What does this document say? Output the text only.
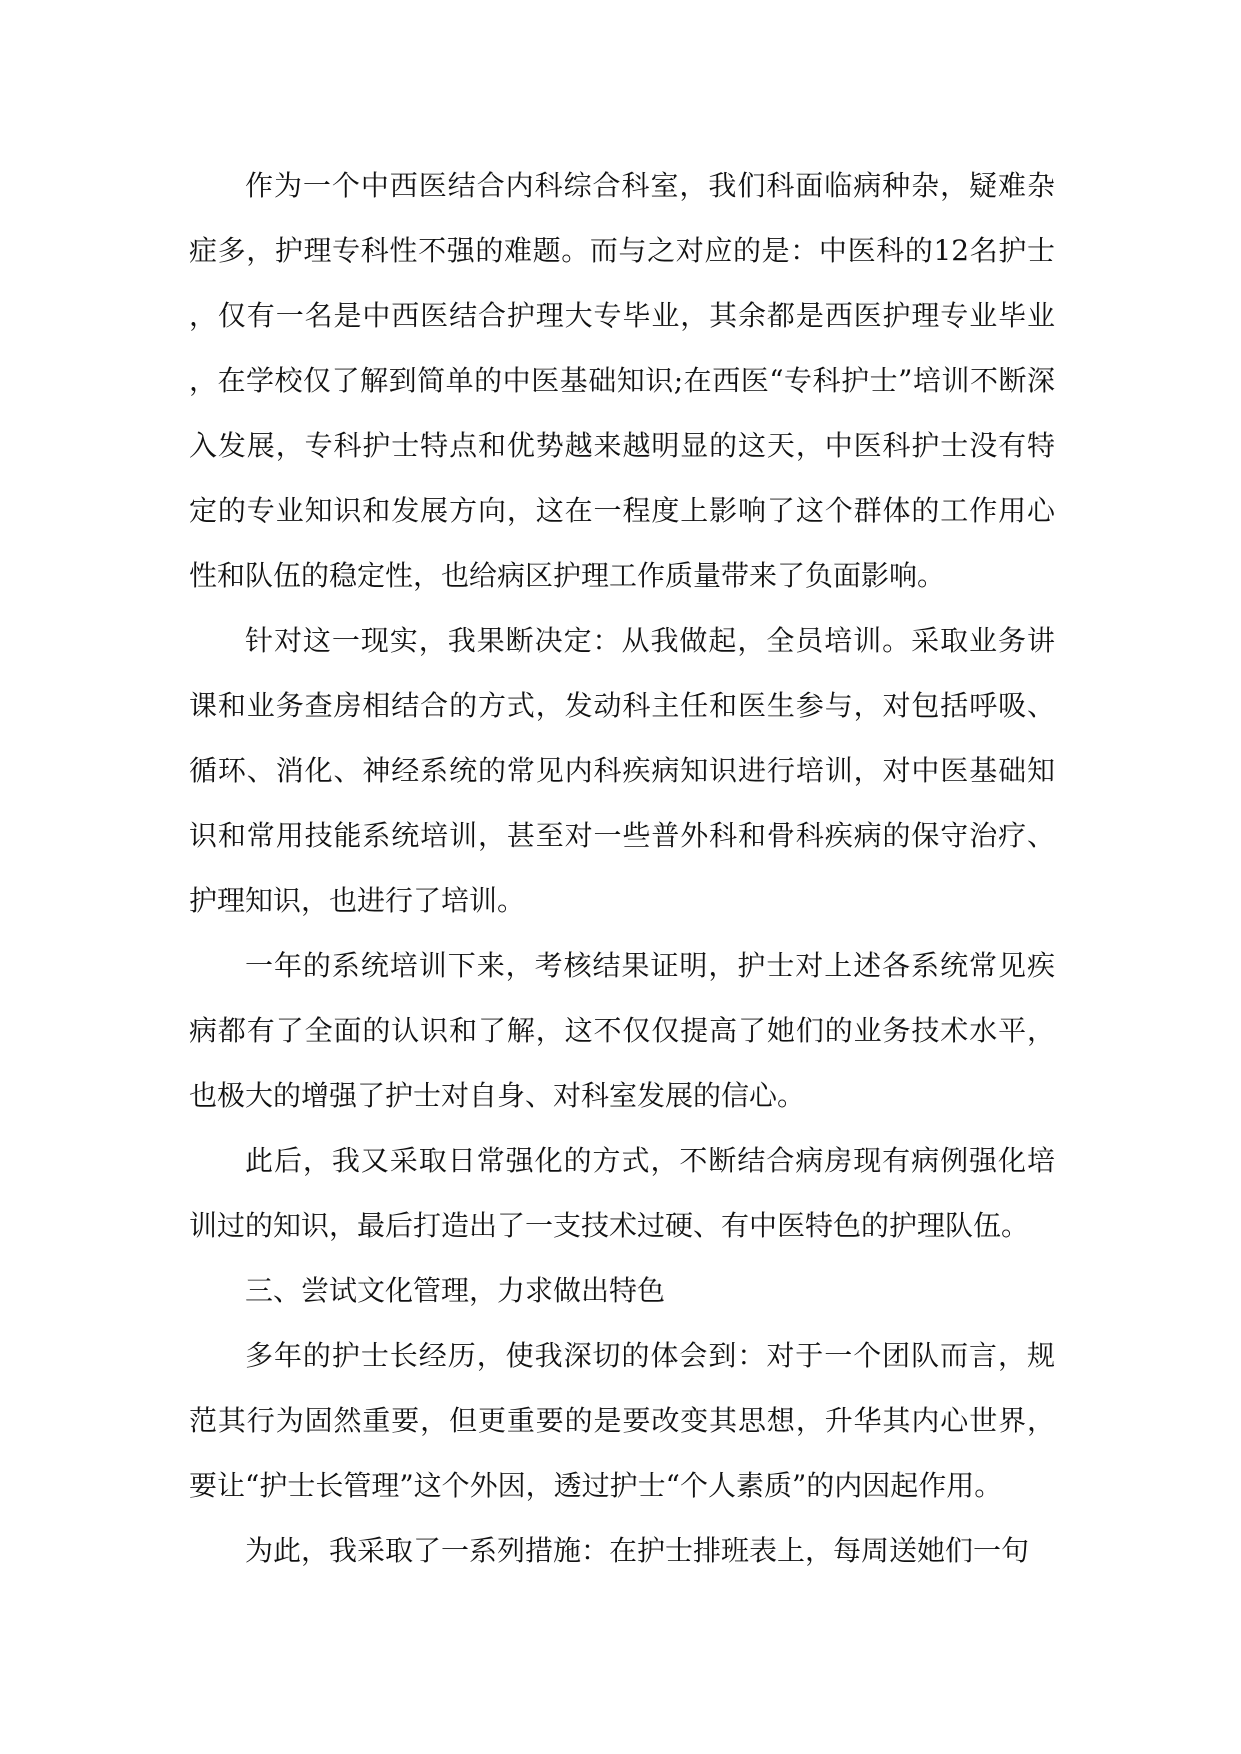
作为一个中西医结合内科综合科室，我们科面临病种杂，疑难杂症多，护理专科性不强的难题。而与之对应的是：中医科的12名护士，仅有一名是中西医结合护理大专毕业，其余都是西医护理专业毕业，在学校仅了解到简单的中医基础知识;在西医“专科护士”培训不断深入发展，专科护士特点和优势越来越明显的这天，中医科护士没有特定的专业知识和发展方向，这在一程度上影响了这个群体的工作用心性和队伍的稳定性，也给病区护理工作质量带来了负面影响。

针对这一现实，我果断决定：从我做起，全员培训。采取业务讲课和业务查房相结合的方式，发动科主任和医生参与，对包括呼吸、循环、消化、神经系统的常见内科疾病知识进行培训，对中医基础知识和常用技能系统培训，甚至对一些普外科和骨科疾病的保守治疗、护理知识，也进行了培训。

一年的系统培训下来，考核结果证明，护士对上述各系统常见疾病都有了全面的认识和了解，这不仅仅提高了她们的业务技术水平，也极大的增强了护士对自身、对科室发展的信心。

此后，我又采取日常强化的方式，不断结合病房现有病例强化培训过的知识，最后打造出了一支技术过硬、有中医特色的护理队伍。

三、尝试文化管理，力求做出特色

多年的护士长经历，使我深切的体会到：对于一个团队而言，规范其行为固然重要，但更重要的是要改变其思想，升华其内心世界，要让“护士长管理”这个外因，透过护士“个人素质”的内因起作用。

为此，我采取了一系列措施：在护士排班表上，每周送她们一句
